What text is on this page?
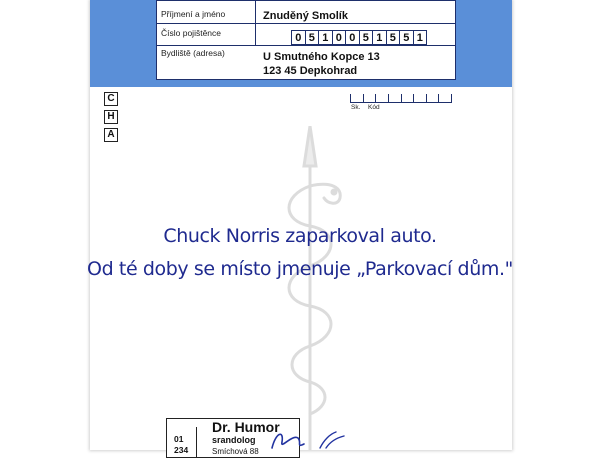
Příjmení a jméno	Znuděný Smolík
Číslo pojištěnce	0 5 1 0 0 5 1 5 5 1
Bydliště (adresa)	U Smutného Kopce 13
123 45 Depkohrad
Sk. Kód
C
H
A
Chuck Norris zaparkoval auto.
Od té doby se místo jmenuje „Parkovací dům."
01
234
Dr. Humor
srandolog
Smíchová 88
